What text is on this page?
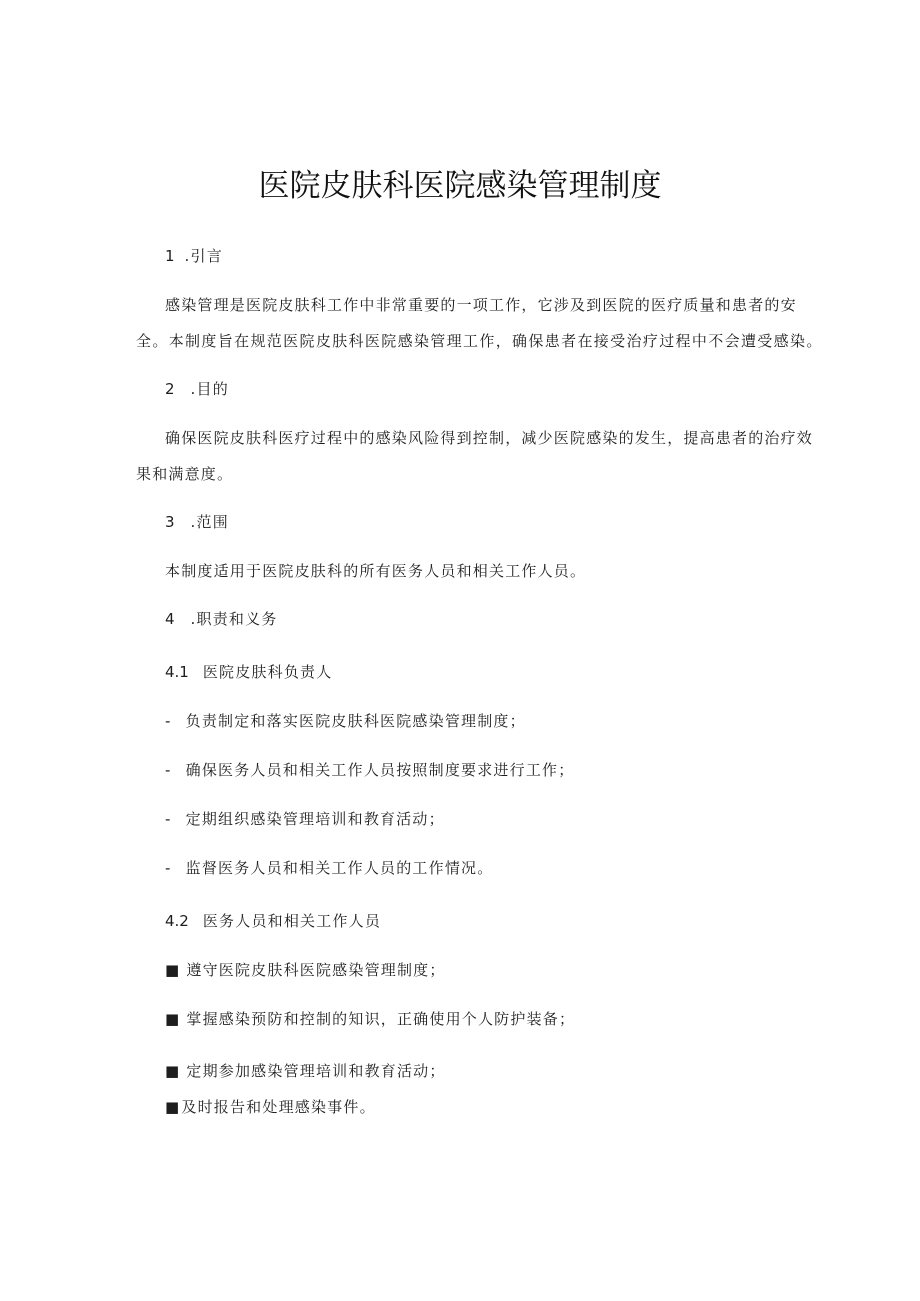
医院皮肤科医院感染管理制度
1 .引言
感染管理是医院皮肤科工作中非常重要的一项工作，它涉及到医院的医疗质量和患者的安
全。本制度旨在规范医院皮肤科医院感染管理工作，确保患者在接受治疗过程中不会遭受感染。
2 .目的
确保医院皮肤科医疗过程中的感染风险得到控制，减少医院感染的发生，提高患者的治疗效
果和满意度。
3 .范围
本制度适用于医院皮肤科的所有医务人员和相关工作人员。
4 .职责和义务
4.1 医院皮肤科负责人
- 负责制定和落实医院皮肤科医院感染管理制度；
- 确保医务人员和相关工作人员按照制度要求进行工作；
- 定期组织感染管理培训和教育活动；
- 监督医务人员和相关工作人员的工作情况。
4.2 医务人员和相关工作人员
■ 遵守医院皮肤科医院感染管理制度；
■ 掌握感染预防和控制的知识，正确使用个人防护装备；
■ 定期参加感染管理培训和教育活动；
■及时报告和处理感染事件。
